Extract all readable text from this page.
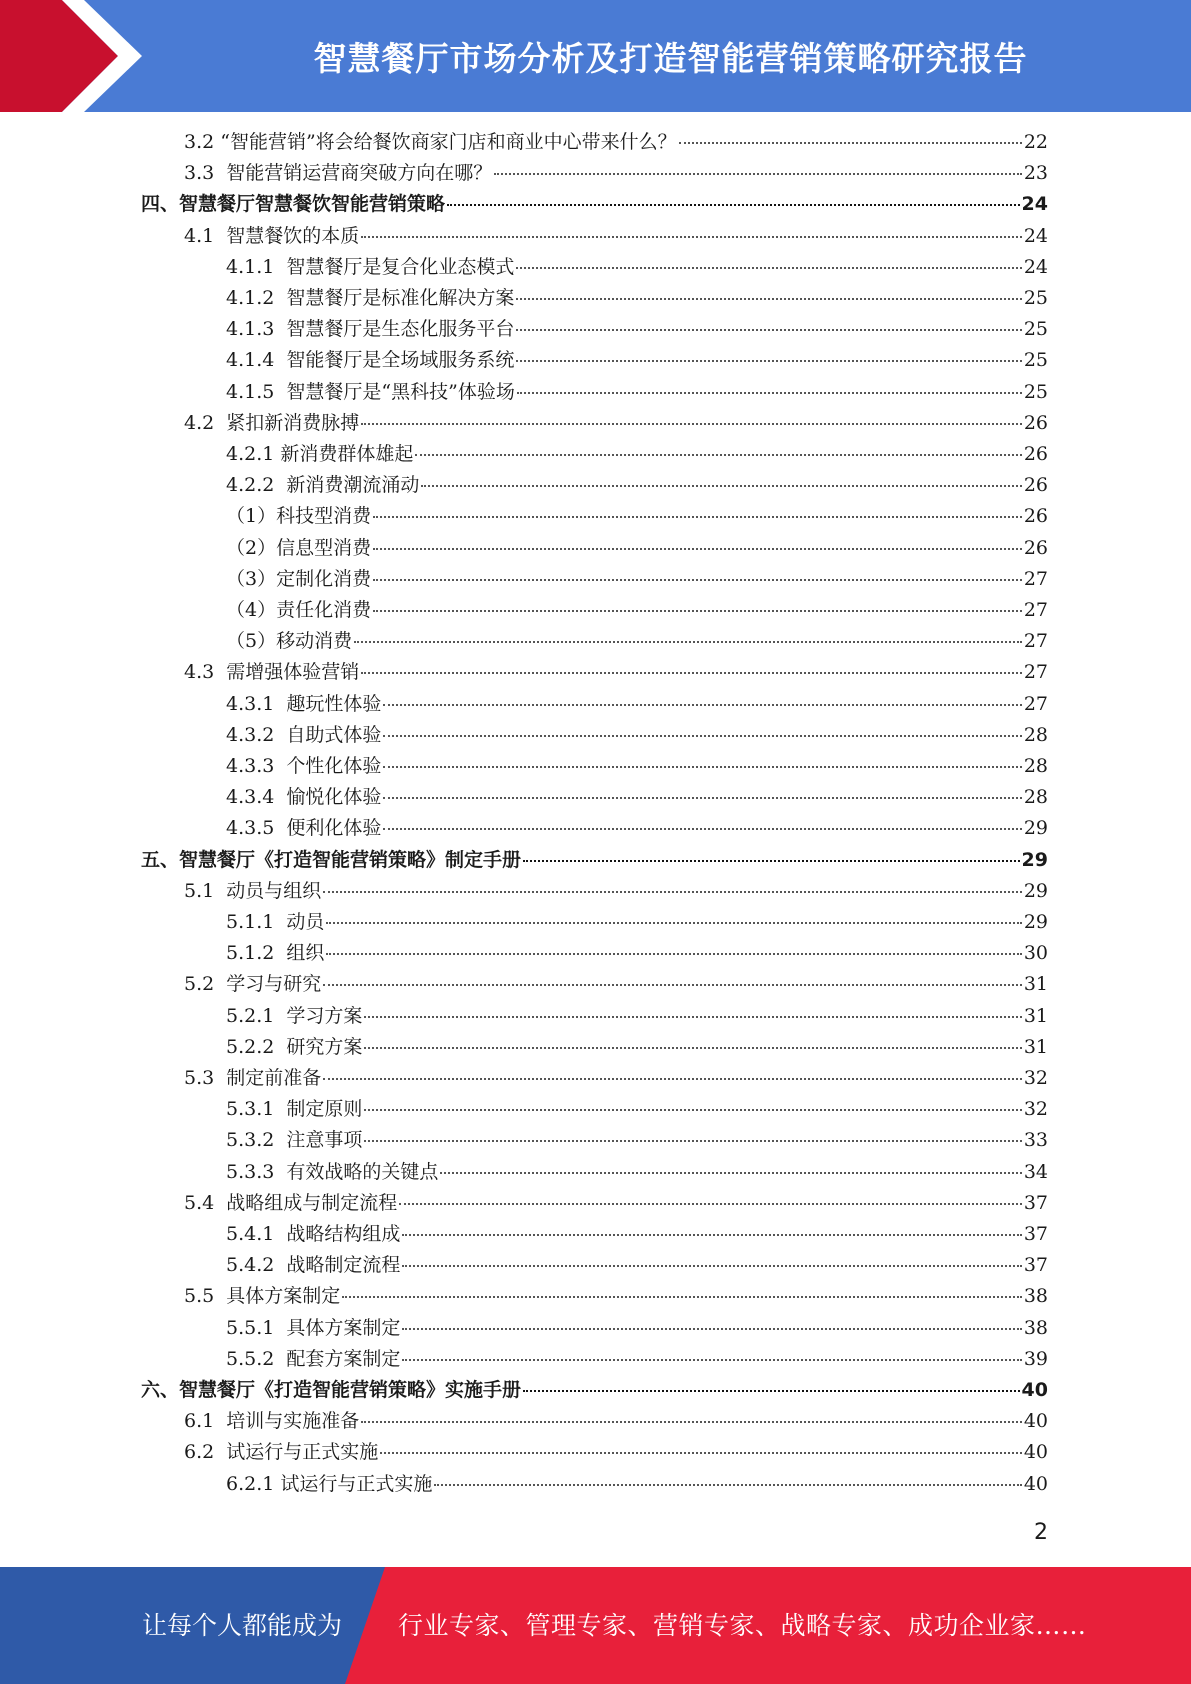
智慧餐厅市场分析及打造智能营销策略研究报告
3.2 “智能营销”将会给餐饮商家门店和商业中心带来什么？	22
3.3  智能营销运营商突破方向在哪？	23
四、智慧餐厅智慧餐饮智能营销策略	24
4.1  智慧餐饮的本质	24
4.1.1  智慧餐厅是复合化业态模式	24
4.1.2  智慧餐厅是标准化解决方案	25
4.1.3  智慧餐厅是生态化服务平台	25
4.1.4  智能餐厅是全场域服务系统	25
4.1.5  智慧餐厅是“黑科技”体验场	25
4.2  紧扣新消费脉搏	26
4.2.1 新消费群体雄起	26
4.2.2  新消费潮流涌动	26
（1）科技型消费	26
（2）信息型消费	26
（3）定制化消费	27
（4）责任化消费	27
（5）移动消费	27
4.3  需增强体验营销	27
4.3.1  趣玩性体验	27
4.3.2  自助式体验	28
4.3.3  个性化体验	28
4.3.4  愉悦化体验	28
4.3.5  便利化体验	29
五、智慧餐厅《打造智能营销策略》制定手册	29
5.1  动员与组织	29
5.1.1  动员	29
5.1.2  组织	30
5.2  学习与研究	31
5.2.1  学习方案	31
5.2.2  研究方案	31
5.3  制定前准备	32
5.3.1  制定原则	32
5.3.2  注意事项	33
5.3.3  有效战略的关键点	34
5.4  战略组成与制定流程	37
5.4.1  战略结构组成	37
5.4.2  战略制定流程	37
5.5  具体方案制定	38
5.5.1  具体方案制定	38
5.5.2  配套方案制定	39
六、智慧餐厅《打造智能营销策略》实施手册	40
6.1  培训与实施准备	40
6.2  试运行与正式实施	40
6.2.1 试运行与正式实施	40
2
让每个人都能成为 行业专家、管理专家、营销专家、战略专家、成功企业家……
